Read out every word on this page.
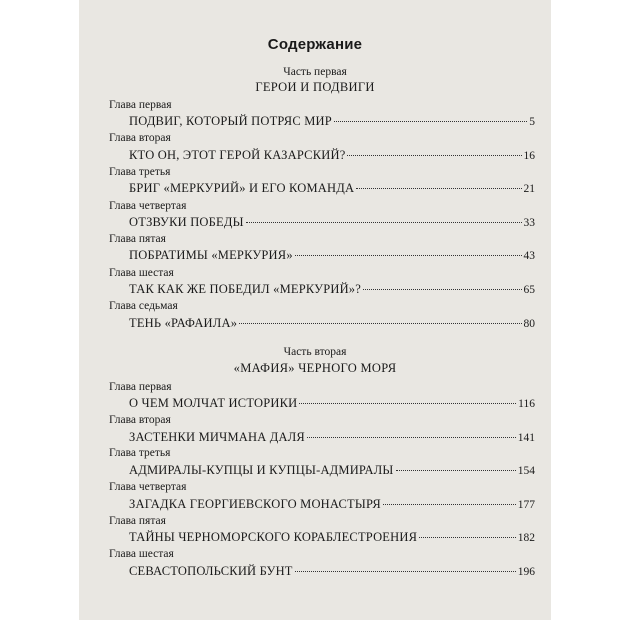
Содержание
Часть первая
ГЕРОИ И ПОДВИГИ
Глава первая
ПОДВИГ, КОТОРЫЙ ПОТРЯС МИР	5
Глава вторая
КТО ОН, ЭТОТ ГЕРОЙ КАЗАРСКИЙ?	16
Глава третья
БРИГ «МЕРКУРИЙ» И ЕГО КОМАНДА	21
Глава четвертая
ОТЗВУКИ ПОБЕДЫ	33
Глава пятая
ПОБРАТИМЫ «МЕРКУРИЯ»	43
Глава шестая
ТАК КАК ЖЕ ПОБЕДИЛ «МЕРКУРИЙ»?	65
Глава седьмая
ТЕНЬ «РАФАИЛА»	80
Часть вторая
«МАФИЯ» ЧЕРНОГО МОРЯ
Глава первая
О ЧЕМ МОЛЧАТ ИСТОРИКИ	116
Глава вторая
ЗАСТЕНКИ МИЧМАНА ДАЛЯ	141
Глава третья
АДМИРАЛЫ-КУПЦЫ И КУПЦЫ-АДМИРАЛЫ	154
Глава четвертая
ЗАГАДКА ГЕОРГИЕВСКОГО МОНАСТЫРЯ	177
Глава пятая
ТАЙНЫ ЧЕРНОМОРСКОГО КОРАБЛЕСТРОЕНИЯ	182
Глава шестая
СЕВАСТОПОЛЬСКИЙ БУНТ	196
